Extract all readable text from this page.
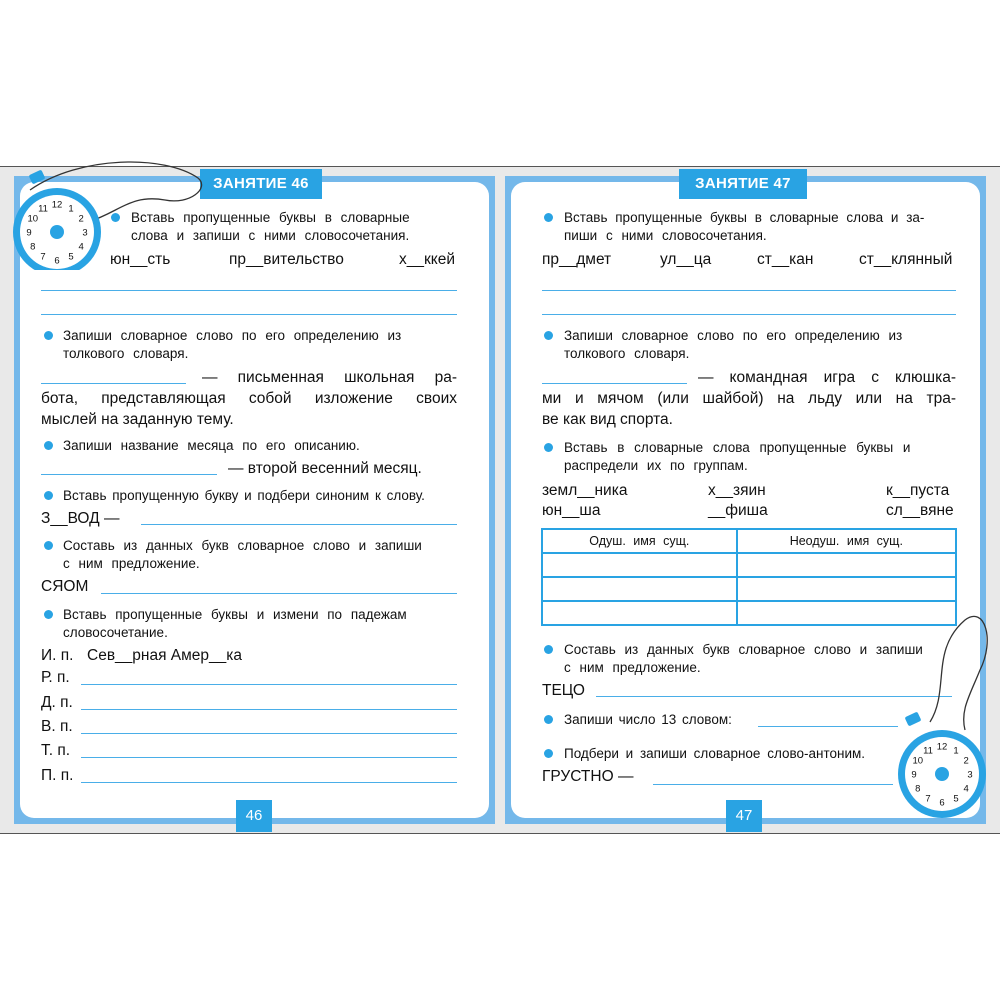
ЗАНЯТИЕ 46
12 1
2
3
4
5
6
7
8
9
10
11
Вставь пропущенные буквы в словарные
слова и запиши с ними словосочетания.
юн__сть	пр__вительство	х__ккей
Запиши словарное слово по его определению из
толкового словаря.
— письменная школьная ра-
бота, представляющая собой изложение своих
мыслей на заданную тему.
Запиши название месяца по его описанию.
— второй весенний месяц.
Вставь пропущенную букву и подбери синоним к слову.
З__ВОД —
Составь из данных букв словарное слово и запиши
с ним предложение.
СЯОМ
Вставь пропущенные буквы и измени по падежам
словосочетание.
И. п. Сев__рная Амер__ка
Р. п.
Д. п.
В. п.
Т. п.
П. п.
46
ЗАНЯТИЕ 47
Вставь пропущенные буквы в словарные слова и за-
пиши с ними словосочетания.
пр__дмет	ул__ца	ст__кан	ст__клянный
Запиши словарное слово по его определению из
толкового словаря.
— командная игра с клюшка-
ми и мячом (или шайбой) на льду или на тра-
ве как вид спорта.
Вставь в словарные слова пропущенные буквы и
распредели их по группам.
земл__ника	х__зяин	к__пуста
юн__ша	__фиша	сл__вяне
Одуш. имя сущ.	Неодуш. имя сущ.

Составь из данных букв словарное слово и запиши
с ним предложение.
ТЕЦО
Запиши число 13 словом:
Подбери и запиши словарное слово-антоним.
ГРУСТНО —
12 1
2
3
4
5
6
7
8
9
10
11
47
